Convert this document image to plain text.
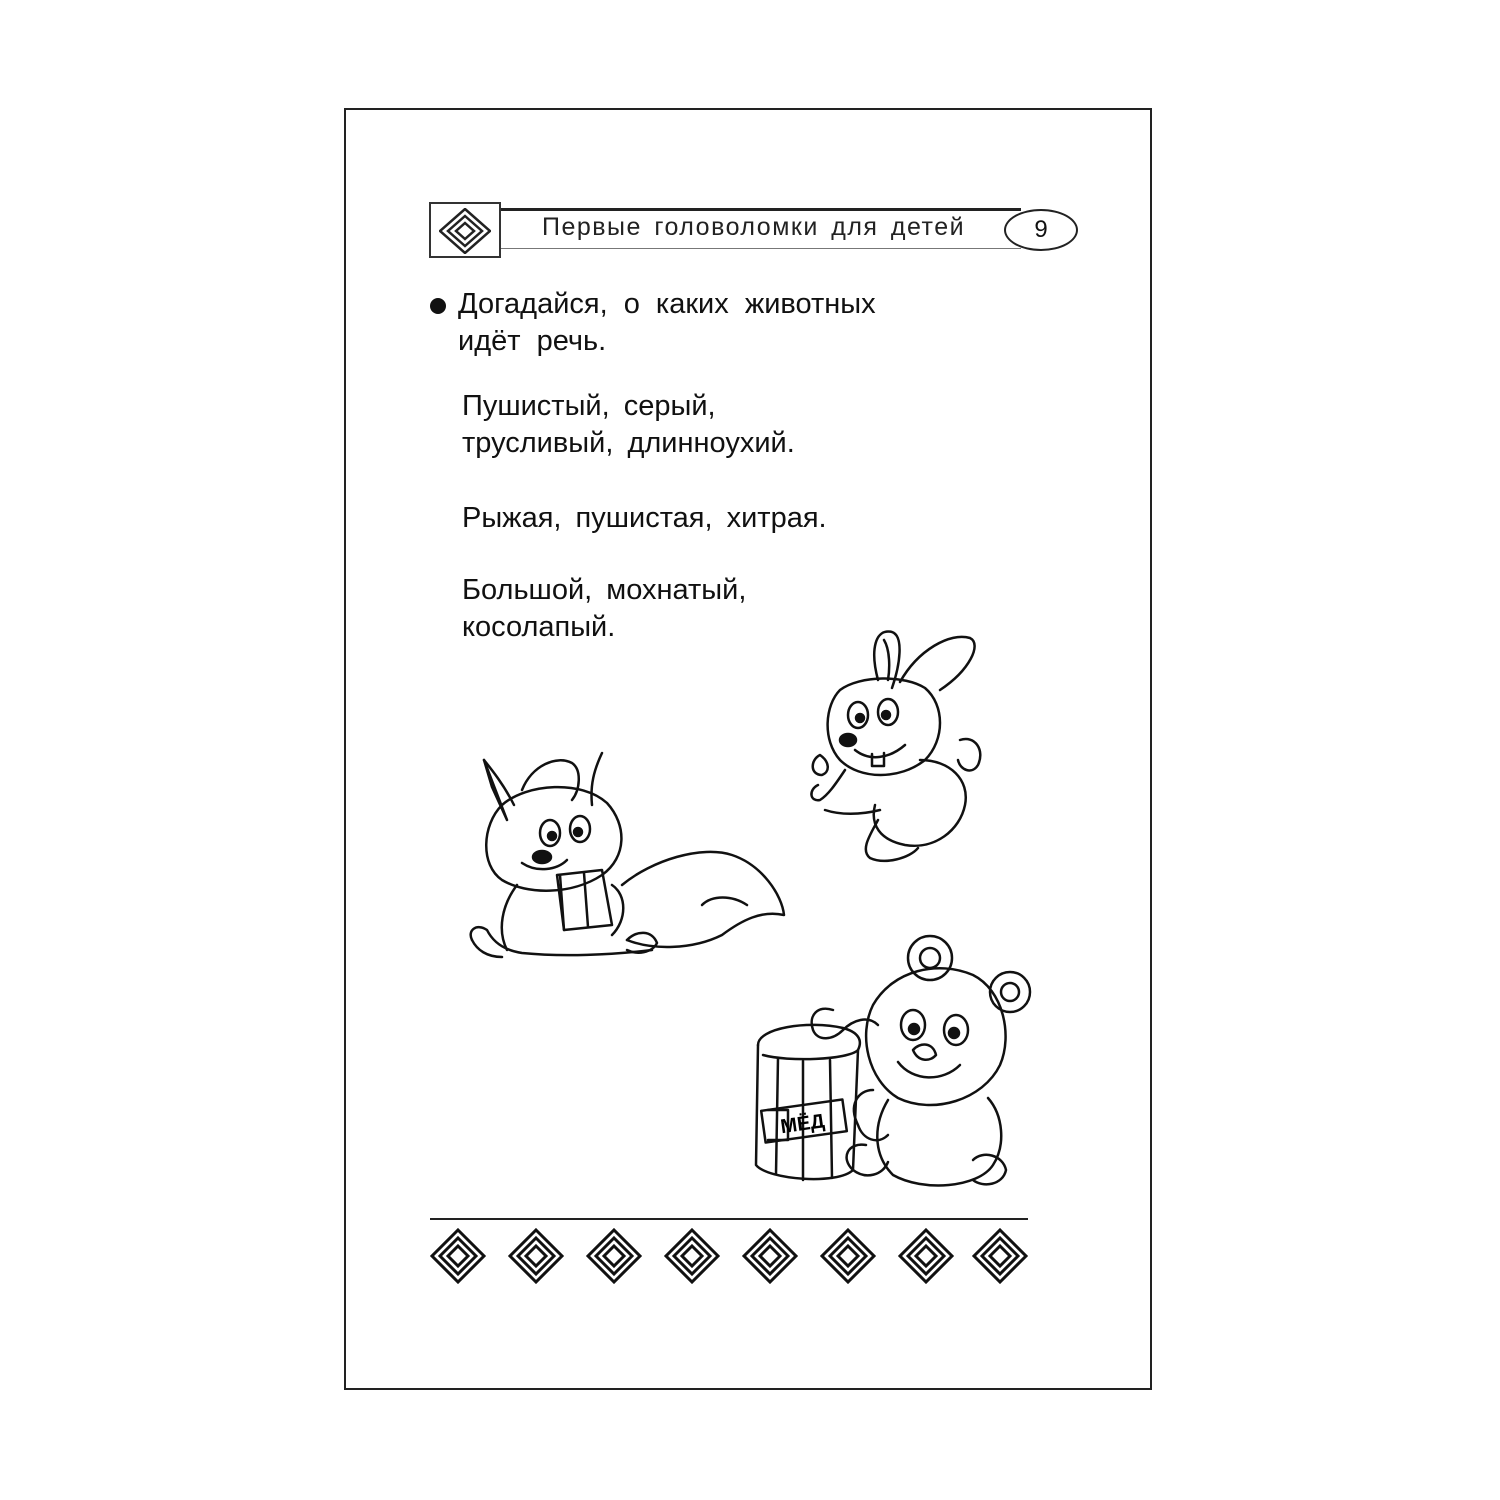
Первые головоломки для детей	9
Догадайся, о каких животных
идёт речь.
Пушистый, серый,
трусливый, длинноухий.
Рыжая, пушистая, хитрая.
Большой, мохнатый,
косолапый.
МЁД
